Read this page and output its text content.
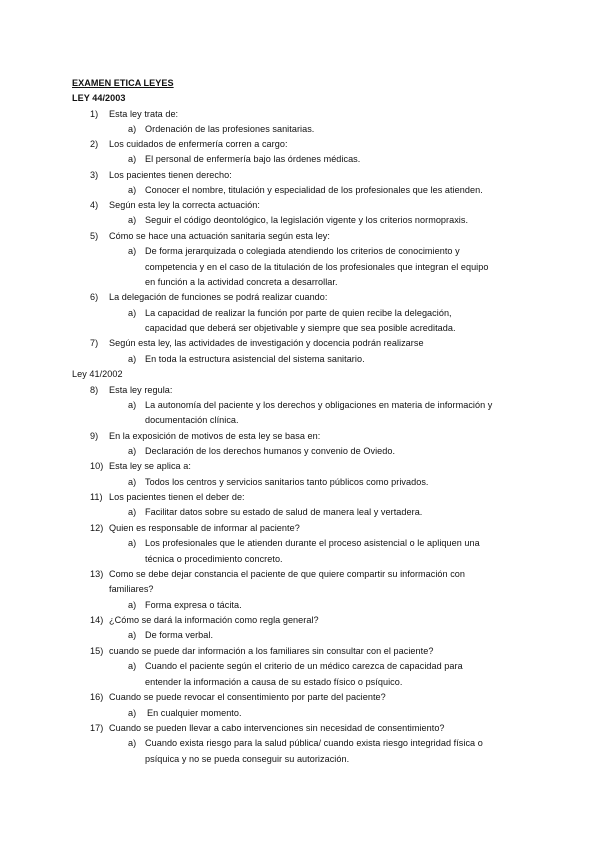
EXAMEN ETICA LEYES
LEY 44/2003
1) Esta ley trata de:
a) Ordenación de las profesiones sanitarias.
2) Los cuidados de enfermería corren a cargo:
a) El personal de enfermería bajo las órdenes médicas.
3) Los pacientes tienen derecho:
a) Conocer el nombre, titulación y especialidad de los profesionales que les atienden.
4) Según esta ley la correcta actuación:
a) Seguir el código deontológico, la legislación vigente y los criterios normopraxis.
5) Cómo se hace una actuación sanitaria según esta ley:
a) De forma jerarquizada o colegiada atendiendo los criterios de conocimiento y
competencia y en el caso de la titulación de los profesionales que integran el equipo
en función a la actividad concreta a desarrollar.
6) La delegación de funciones se podrá realizar cuando:
a) La capacidad de realizar la función por parte de quien recibe la delegación,
capacidad que deberá ser objetivable y siempre que sea posible acreditada.
7) Según esta ley, las actividades de investigación y docencia podrán realizarse
a) En toda la estructura asistencial del sistema sanitario.
Ley 41/2002
8) Esta ley regula:
a) La autonomía del paciente y los derechos y obligaciones en materia de información y
documentación clínica.
9) En la exposición de motivos de esta ley se basa en:
a) Declaración de los derechos humanos y convenio de Oviedo.
10) Esta ley se aplica a:
a) Todos los centros y servicios sanitarios tanto públicos como privados.
11) Los pacientes tienen el deber de:
a) Facilitar datos sobre su estado de salud de manera leal y vertadera.
12) Quien es responsable de informar al paciente?
a) Los profesionales que le atienden durante el proceso asistencial o le apliquen una
técnica o procedimiento concreto.
13) Como se debe dejar constancia el paciente de que quiere compartir su información con
familiares?
a) Forma expresa o tácita.
14) ¿Cómo se dará la información como regla general?
a) De forma verbal.
15) cuando se puede dar información a los familiares sin consultar con el paciente?
a) Cuando el paciente según el criterio de un médico carezca de capacidad para
entender la información a causa de su estado físico o psíquico.
16) Cuando se puede revocar el consentimiento por parte del paciente?
a) En cualquier momento.
17) Cuando se pueden llevar a cabo intervenciones sin necesidad de consentimiento?
a) Cuando exista riesgo para la salud pública/ cuando exista riesgo integridad física o
psíquica y no se pueda conseguir su autorización.
